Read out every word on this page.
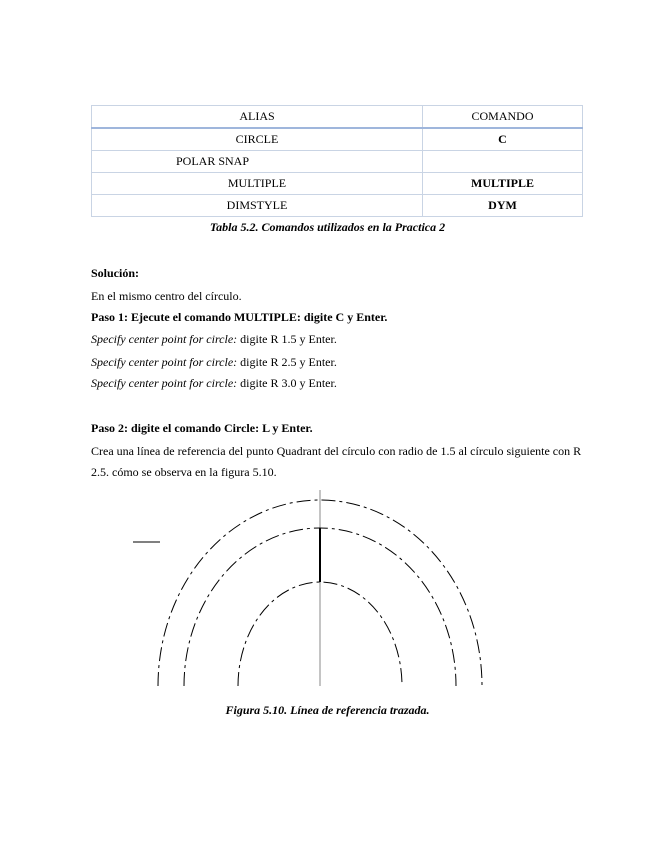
ALIAS	COMANDO
CIRCLE	C
POLAR SNAP	
MULTIPLE	MULTIPLE
DIMSTYLE	DYM
Tabla 5.2. Comandos utilizados en la Practica 2
Solución:
En el mismo centro del círculo.
Paso 1: Ejecute el comando MULTIPLE: digite C y Enter.
Specify center point for circle: digite R 1.5 y Enter.
Specify center point for circle: digite R 2.5 y Enter.
Specify center point for circle: digite R 3.0 y Enter.
Paso 2: digite el comando Circle: L y Enter.
Crea una línea de referencia del punto Quadrant del círculo con radio de 1.5 al círculo siguiente con R 2.5. cómo se observa en la figura 5.10.
Figura 5.10. Línea de referencia trazada.
